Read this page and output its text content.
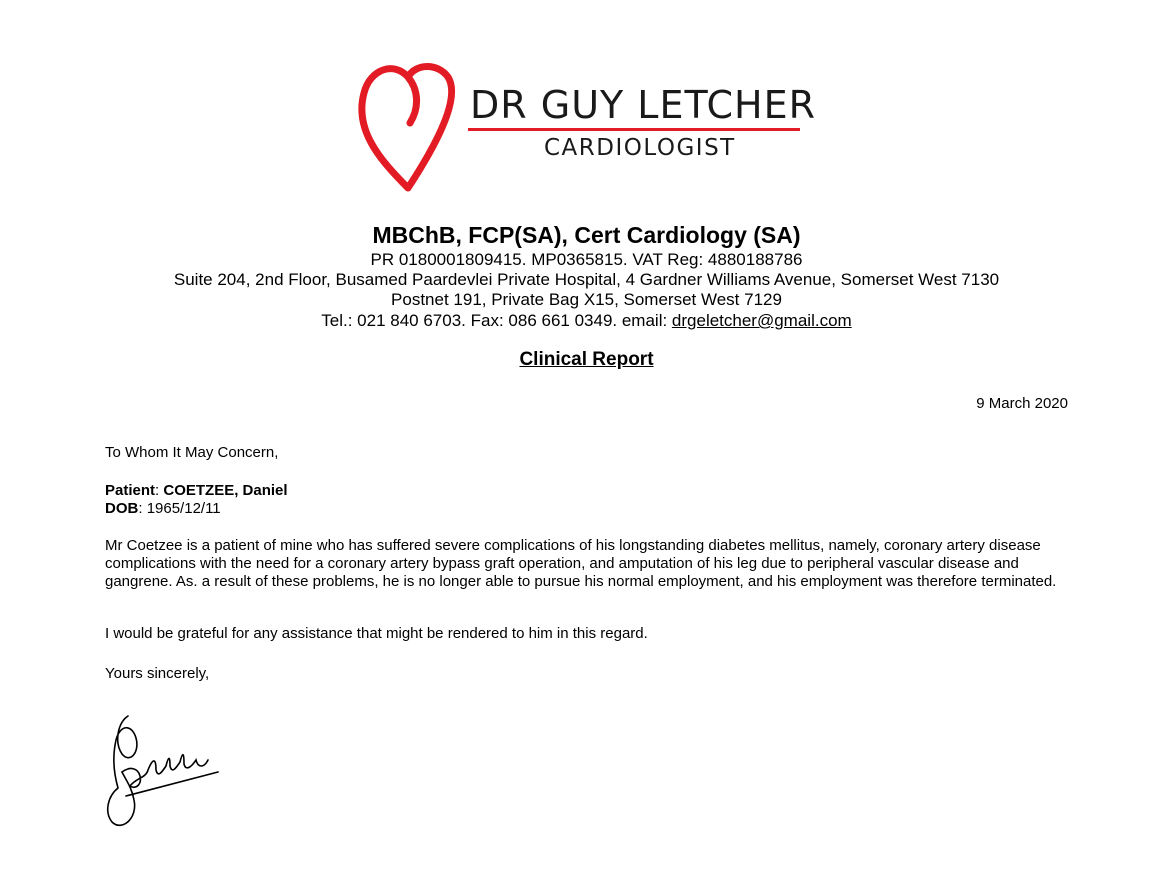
DR GUY LETCHER
CARDIOLOGIST
MBChB, FCP(SA), Cert Cardiology (SA)
PR 0180001809415. MP0365815. VAT Reg: 4880188786
Suite 204, 2nd Floor, Busamed Paardevlei Private Hospital, 4 Gardner Williams Avenue, Somerset West 7130
Postnet 191, Private Bag X15, Somerset West 7129
Tel.: 021 840 6703. Fax: 086 661 0349. email: drgeletcher@gmail.com
Clinical Report
9 March 2020
To Whom It May Concern,
Patient: COETZEE, Daniel
DOB: 1965/12/11
Mr Coetzee is a patient of mine who has suffered severe complications of his longstanding diabetes mellitus, namely, coronary artery disease complications with the need for a coronary artery bypass graft operation, and amputation of his leg due to peripheral vascular disease and gangrene. As. a result of these problems, he is no longer able to pursue his normal employment, and his employment was therefore terminated.
I would be grateful for any assistance that might be rendered to him in this regard.
Yours sincerely,
